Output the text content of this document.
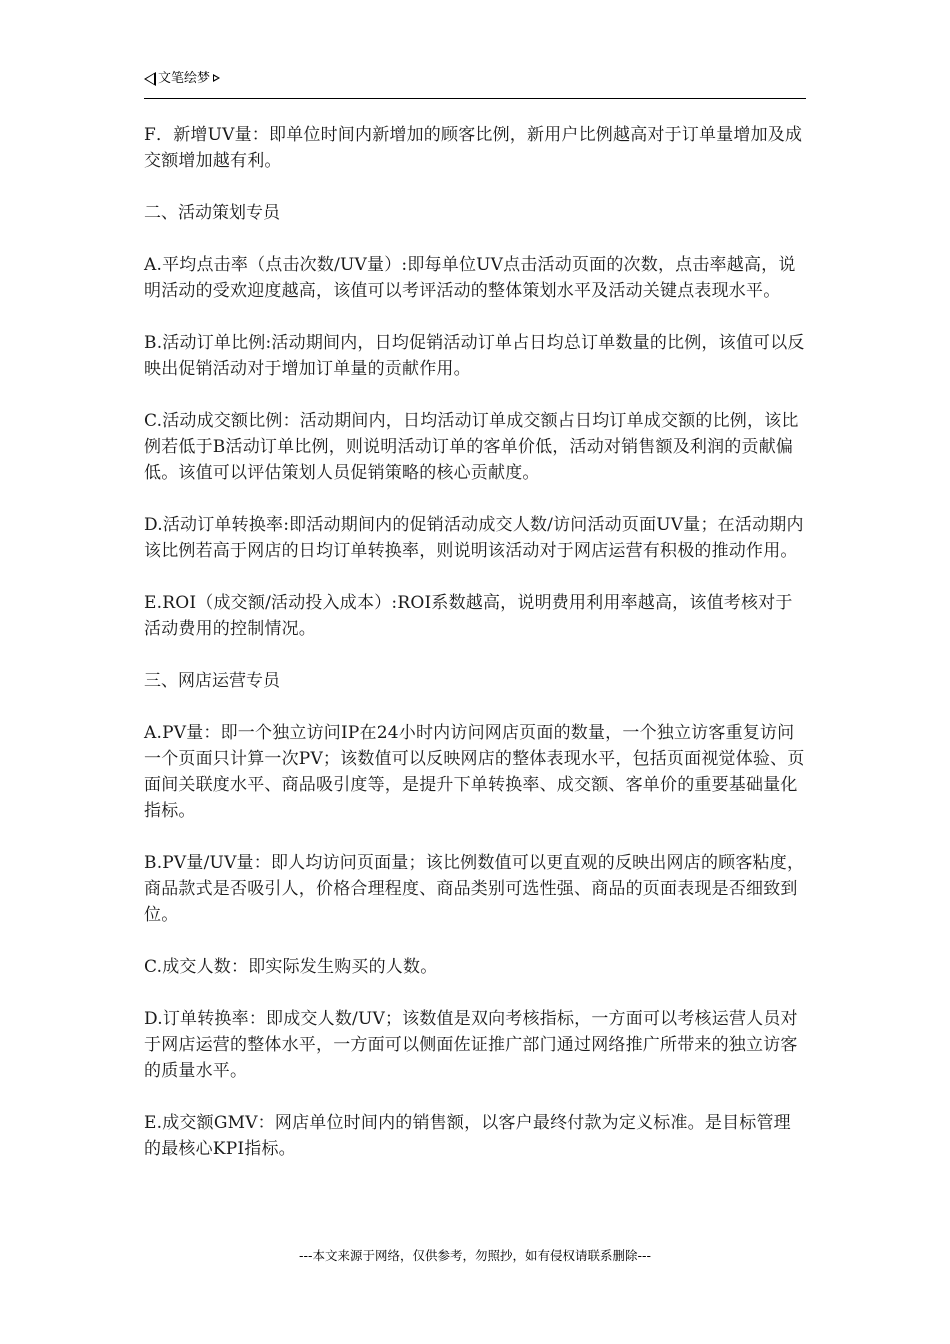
文笔绘梦

F．新增UV量：即单位时间内新增加的顾客比例，新用户比例越高对于订单量增加及成交额增加越有利。

二、活动策划专员

A.平均点击率（点击次数/UV量）:即每单位UV点击活动页面的次数，点击率越高，说明活动的受欢迎度越高，该值可以考评活动的整体策划水平及活动关键点表现水平。

B.活动订单比例:活动期间内，日均促销活动订单占日均总订单数量的比例，该值可以反映出促销活动对于增加订单量的贡献作用。

C.活动成交额比例：活动期间内，日均活动订单成交额占日均订单成交额的比例，该比例若低于B活动订单比例，则说明活动订单的客单价低，活动对销售额及利润的贡献偏低。该值可以评估策划人员促销策略的核心贡献度。

D.活动订单转换率:即活动期间内的促销活动成交人数/访问活动页面UV量；在活动期内该比例若高于网店的日均订单转换率，则说明该活动对于网店运营有积极的推动作用。

E.ROI（成交额/活动投入成本）:ROI系数越高，说明费用利用率越高，该值考核对于活动费用的控制情况。

三、网店运营专员

A.PV量：即一个独立访问IP在24小时内访问网店页面的数量，一个独立访客重复访问一个页面只计算一次PV；该数值可以反映网店的整体表现水平，包括页面视觉体验、页面间关联度水平、商品吸引度等，是提升下单转换率、成交额、客单价的重要基础量化指标。

B.PV量/UV量：即人均访问页面量；该比例数值可以更直观的反映出网店的顾客粘度，商品款式是否吸引人，价格合理程度、商品类别可选性强、商品的页面表现是否细致到位。

C.成交人数：即实际发生购买的人数。

D.订单转换率：即成交人数/UV；该数值是双向考核指标，一方面可以考核运营人员对于网店运营的整体水平，一方面可以侧面佐证推广部门通过网络推广所带来的独立访客的质量水平。

E.成交额GMV：网店单位时间内的销售额，以客户最终付款为定义标准。是目标管理的最核心KPI指标。

---本文来源于网络，仅供参考，勿照抄，如有侵权请联系删除---
